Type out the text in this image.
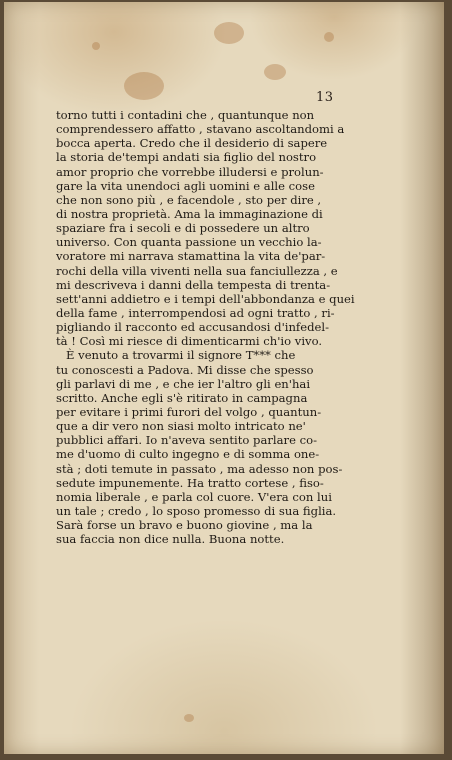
13
torno tutti i contadini che , quantunque non
comprendessero affatto , stavano ascoltandomi a
bocca aperta. Credo che il desiderio di sapere
la storia de'tempi andati sia figlio del nostro
amor proprio che vorrebbe illudersi e prolun-
gare la vita unendoci agli uomini e alle cose
che non sono più , e facendole , sto per dire ,
di nostra proprietà. Ama la immaginazione di
spaziare fra i secoli e di possedere un altro
universo. Con quanta passione un vecchio la-
voratore mi narrava stamattina la vita de'par-
rochi della villa viventi nella sua fanciullezza , e
mi descriveva i danni della tempesta di trenta-
sett'anni addietro e i tempi dell'abbondanza e quei
della fame , interrompendosi ad ogni tratto , ri-
pigliando il racconto ed accusandosi d'infedel-
tà ! Così mi riesce di dimenticarmi ch'io vivo.
È venuto a trovarmi il signore T*** che
tu conoscesti a Padova. Mi disse che spesso
gli parlavi di me , e che ier l'altro gli en'hai
scritto. Anche egli s'è ritirato in campagna
per evitare i primi furori del volgo , quantun-
que a dir vero non siasi molto intricato ne'
pubblici affari. Io n'aveva sentito parlare co-
me d'uomo di culto ingegno e di somma one-
stà ; doti temute in passato , ma adesso non pos-
sedute impunemente. Ha tratto cortese , fiso-
nomia liberale , e parla col cuore. V'era con lui
un tale ; credo , lo sposo promesso di sua figlia.
Sarà forse un bravo e buono giovine , ma la
sua faccia non dice nulla. Buona notte.
